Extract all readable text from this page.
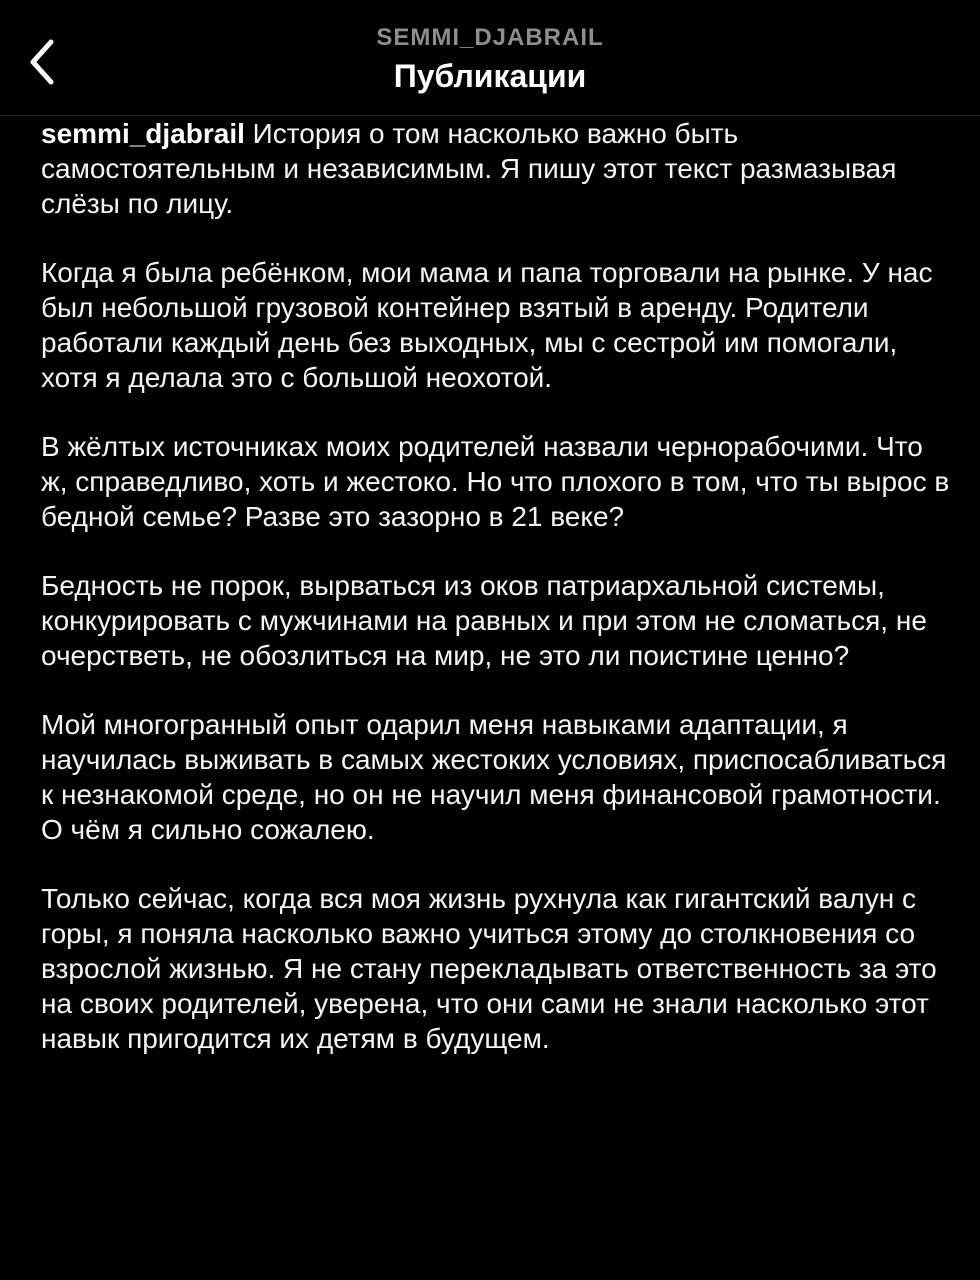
SEMMI_DJABRAIL
Публикации

semmi_djabrail История о том насколько важно быть самостоятельным и независимым. Я пишу этот текст размазывая слёзы по лицу.

Когда я была ребёнком, мои мама и папа торговали на рынке. У нас был небольшой грузовой контейнер взятый в аренду. Родители работали каждый день без выходных, мы с сестрой им помогали, хотя я делала это с большой неохотой.

В жёлтых источниках моих родителей назвали чернорабочими. Что ж, справедливо, хоть и жестоко. Но что плохого в том, что ты вырос в бедной семье? Разве это зазорно в 21 веке?

Бедность не порок, вырваться из оков патриархальной системы, конкурировать с мужчинами на равных и при этом не сломаться, не очерстветь, не обозлиться на мир, не это ли поистине ценно?

Мой многогранный опыт одарил меня навыками адаптации, я научилась выживать в самых жестоких условиях, приспосабливаться к незнакомой среде, но он не научил меня финансовой грамотности. О чём я сильно сожалею.

Только сейчас, когда вся моя жизнь рухнула как гигантский валун с горы, я поняла насколько важно учиться этому до столкновения со взрослой жизнью. Я не стану перекладывать ответственность за это на своих родителей, уверена, что они сами не знали насколько этот навык пригодится их детям в будущем.
